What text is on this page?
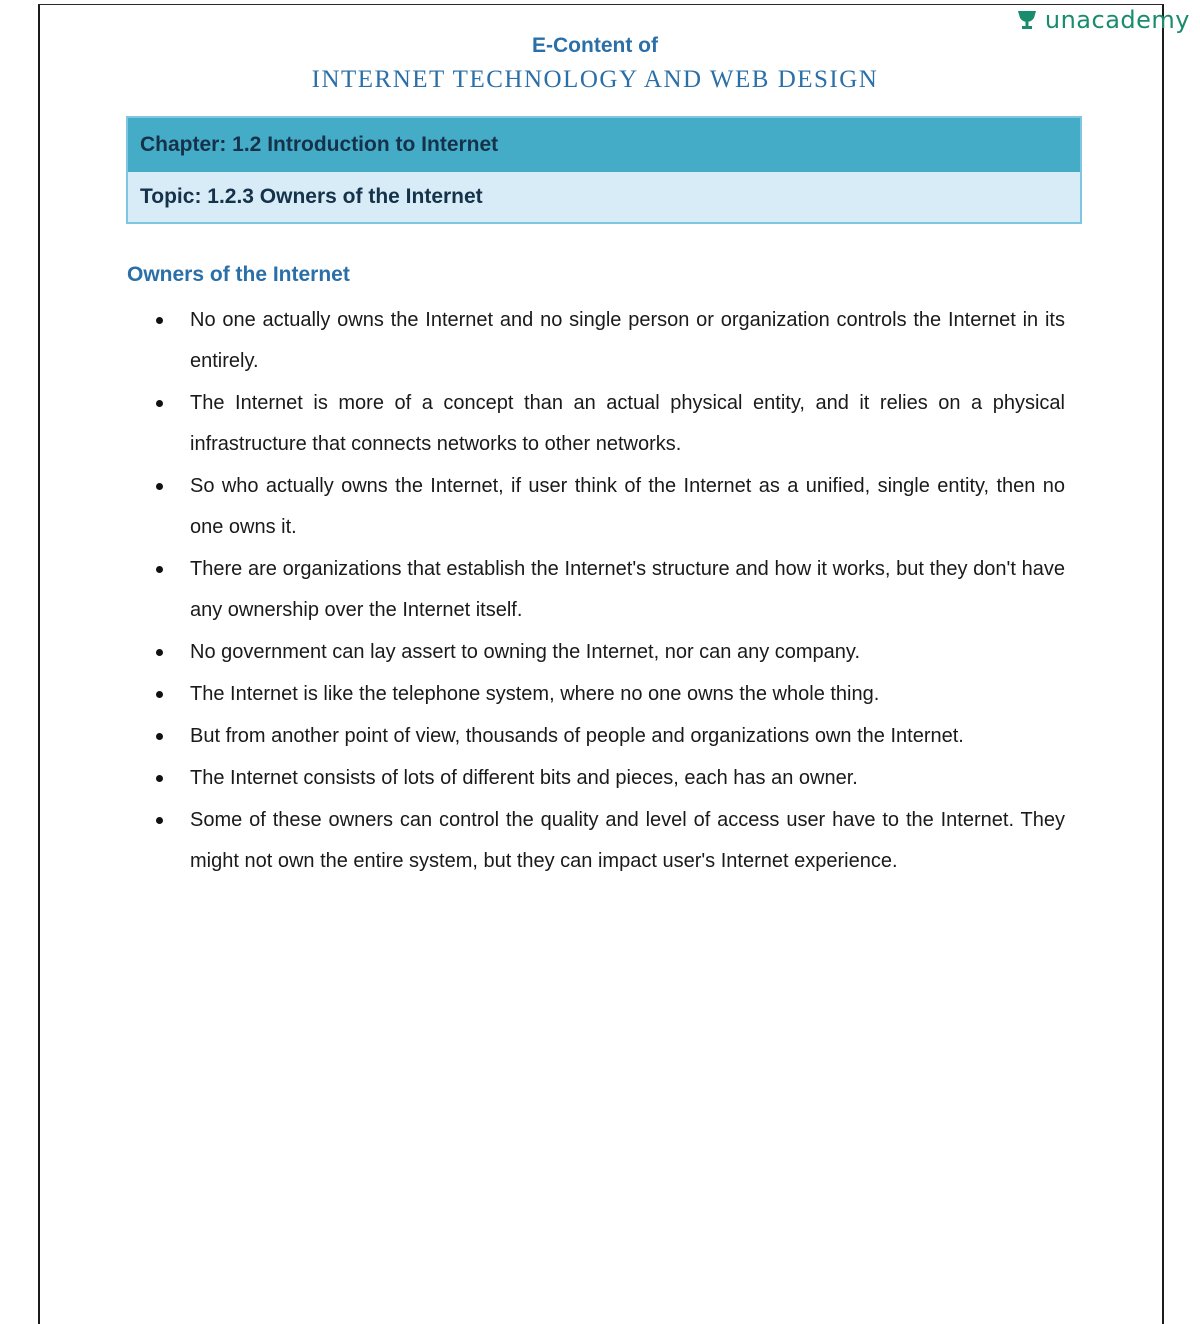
unacademy
E-Content of
INTERNET TECHNOLOGY AND WEB DESIGN
Chapter: 1.2 Introduction to Internet
Topic: 1.2.3 Owners of the Internet
Owners of the Internet
No one actually owns the Internet and no single person or organization controls the Internet in its entirely.
The Internet is more of a concept than an actual physical entity, and it relies on a physical infrastructure that connects networks to other networks.
So who actually owns the Internet, if user think of the Internet as a unified, single entity, then no one owns it.
There are organizations that establish the Internet's structure and how it works, but they don't have any ownership over the Internet itself.
No government can lay assert to owning the Internet, nor can any company.
The Internet is like the telephone system, where no one owns the whole thing.
But from another point of view, thousands of people and organizations own the Internet.
The Internet consists of lots of different bits and pieces, each has an owner.
Some of these owners can control the quality and level of access user have to the Internet. They might not own the entire system, but they can impact user's Internet experience.
